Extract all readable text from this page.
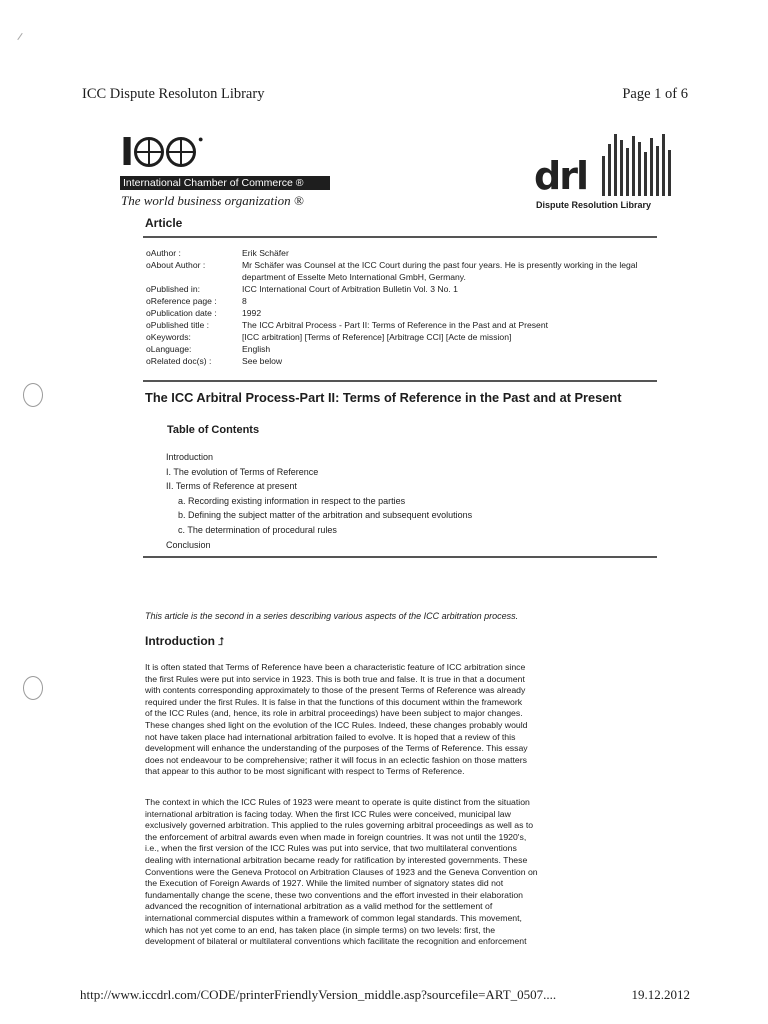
ICC Dispute Resoluton Library	Page 1 of 6
I	●
International Chamber of Commerce ®
The world business organization ®
drl
Dispute Resolution Library
Article
oAuthor :	Erik Schäfer
oAbout Author :	Mr Schäfer was Counsel at the ICC Court during the past four years. He is presently working in the legal department of Esselte Meto International GmbH, Germany.
oPublished in:	ICC International Court of Arbitration Bulletin Vol. 3 No. 1
oReference page :	8
oPublication date :	1992
oPublished title :	The ICC Arbitral Process - Part II: Terms of Reference in the Past and at Present
oKeywords:	[ICC arbitration] [Terms of Reference] [Arbitrage CCI] [Acte de mission]
oLanguage:	English
oRelated doc(s) :	See below
The ICC Arbitral Process-Part II: Terms of Reference in the Past and at Present
Table of Contents
Introduction
I. The evolution of Terms of Reference
II. Terms of Reference at present
a. Recording existing information in respect to the parties
b. Defining the subject matter of the arbitration and subsequent evolutions
c. The determination of procedural rules
Conclusion
This article is the second in a series describing various aspects of the ICC arbitration process.
Introduction ⮥
It is often stated that Terms of Reference have been a characteristic feature of ICC arbitration since
the first Rules were put into service in 1923. This is both true and false. It is true in that a document
with contents corresponding approximately to those of the present Terms of Reference was already
required under the first Rules. It is false in that the functions of this document within the framework
of the ICC Rules (and, hence, its role in arbitral proceedings) have been subject to major changes.
These changes shed light on the evolution of the ICC Rules. Indeed, these changes probably would
not have taken place had international arbitration failed to evolve. It is hoped that a review of this
development will enhance the understanding of the purposes of the Terms of Reference. This essay
does not endeavour to be comprehensive; rather it will focus in an eclectic fashion on those matters
that appear to this author to be most significant with respect to Terms of Reference.
The context in which the ICC Rules of 1923 were meant to operate is quite distinct from the situation
international arbitration is facing today. When the first ICC Rules were conceived, municipal law
exclusively governed arbitration. This applied to the rules governing arbitral proceedings as well as to
the enforcement of arbitral awards even when made in foreign countries. It was not until the 1920's,
i.e., when the first version of the ICC Rules was put into service, that two multilateral conventions
dealing with international arbitration became ready for ratification by interested governments. These
Conventions were the Geneva Protocol on Arbitration Clauses of 1923 and the Geneva Convention on
the Execution of Foreign Awards of 1927. While the limited number of signatory states did not
fundamentally change the scene, these two conventions and the effort invested in their elaboration
advanced the recognition of international arbitration as a valid method for the settlement of
international commercial disputes within a framework of common legal standards. This movement,
which has not yet come to an end, has taken place (in simple terms) on two levels: first, the
development of bilateral or multilateral conventions which facilitate the recognition and enforcement
http://www.iccdrl.com/CODE/printerFriendlyVersion_middle.asp?sourcefile=ART_0507....	19.12.2012
